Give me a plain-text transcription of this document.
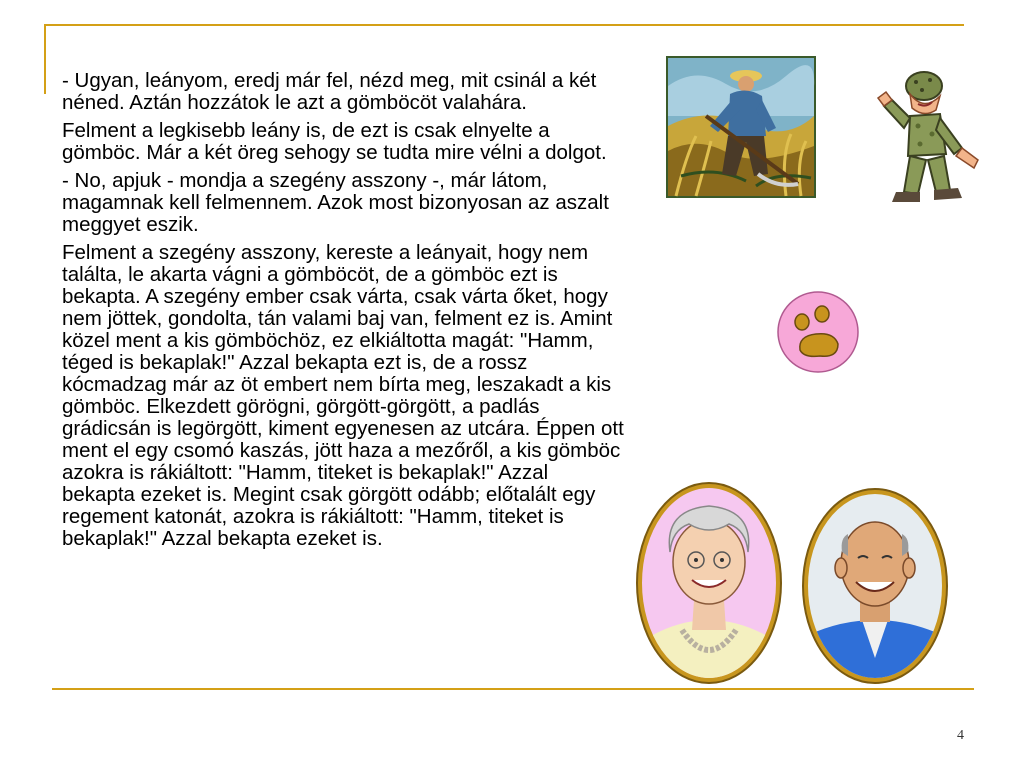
- Ugyan, leányom, eredj már fel, nézd meg, mit csinál a két néned. Aztán hozzátok le azt a gömböcöt valahára.

Felment a legkisebb leány is, de ezt is csak elnyelte a gömböc. Már a két öreg sehogy se tudta mire vélni a dolgot.

- No, apjuk - mondja a szegény asszony -, már látom, magamnak kell felmennem. Azok most bizonyosan az aszalt meggyet eszik.

Felment a szegény asszony, kereste a leányait, hogy nem találta, le akarta vágni a gömböcöt, de a gömböc ezt is bekapta. A szegény ember csak várta, csak várta őket, hogy nem jöttek, gondolta, tán valami baj van, felment ez is. Amint közel ment a kis gömböchöz, ez elkiáltotta magát: "Hamm, téged is bekaplak!" Azzal bekapta ezt is, de a rossz kócmadzag már az öt embert nem bírta meg, leszakadt a kis gömböc. Elkezdett görögni, görgött-görgött, a padlás grádicsán is legörgött, kiment egyenesen az utcára. Éppen ott ment el egy csomó kaszás, jött haza a mezőről, a kis gömböc azokra is rákiáltott: "Hamm, titeket is bekaplak!" Azzal bekapta ezeket is. Megint csak görgött odább; előtalált egy regement katonát, azokra is rákiáltott: "Hamm, titeket is bekaplak!" Azzal bekapta ezeket is.

4
